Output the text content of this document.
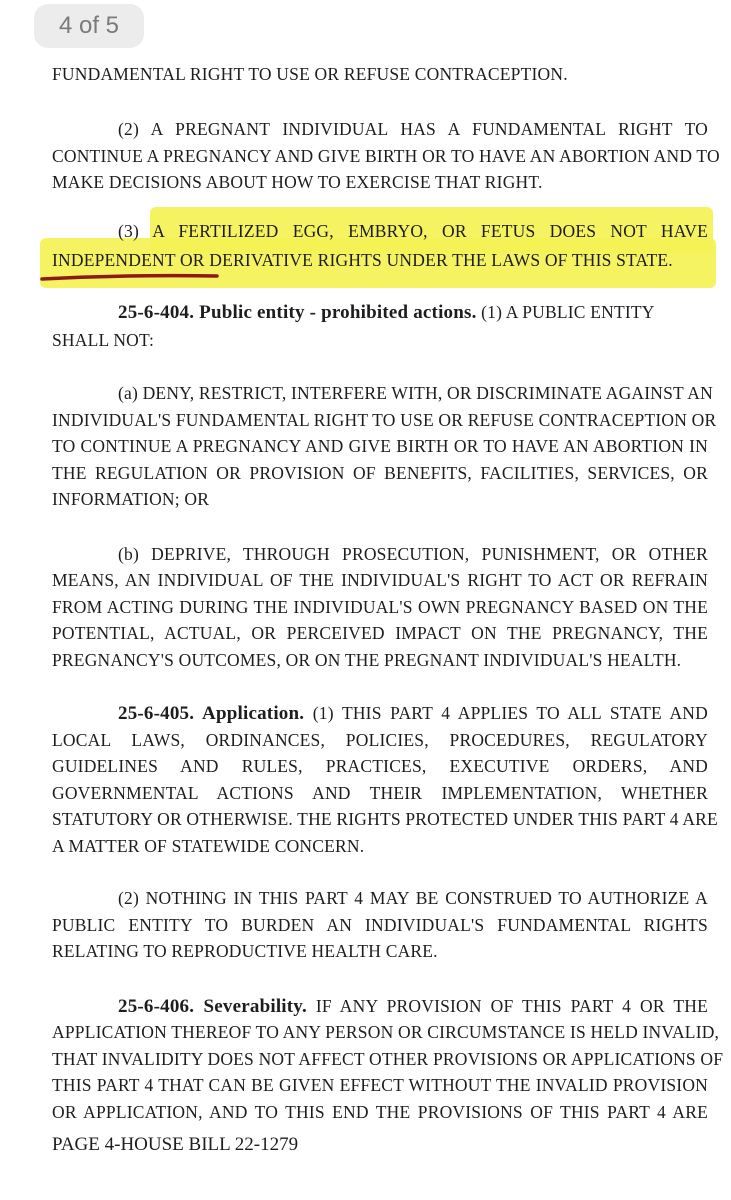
4 of 5
FUNDAMENTAL RIGHT TO USE OR REFUSE CONTRACEPTION.
(2) A PREGNANT INDIVIDUAL HAS A FUNDAMENTAL RIGHT TO
CONTINUE A PREGNANCY AND GIVE BIRTH OR TO HAVE AN ABORTION AND TO
MAKE DECISIONS ABOUT HOW TO EXERCISE THAT RIGHT.
(3) A FERTILIZED EGG, EMBRYO, OR FETUS DOES NOT HAVE
INDEPENDENT OR DERIVATIVE RIGHTS UNDER THE LAWS OF THIS STATE.
25-6-404. Public entity - prohibited actions. (1) A PUBLIC ENTITY
SHALL NOT:
(a) DENY, RESTRICT, INTERFERE WITH, OR DISCRIMINATE AGAINST AN
INDIVIDUAL'S FUNDAMENTAL RIGHT TO USE OR REFUSE CONTRACEPTION OR
TO CONTINUE A PREGNANCY AND GIVE BIRTH OR TO HAVE AN ABORTION IN
THE REGULATION OR PROVISION OF BENEFITS, FACILITIES, SERVICES, OR
INFORMATION; OR
(b) DEPRIVE, THROUGH PROSECUTION, PUNISHMENT, OR OTHER
MEANS, AN INDIVIDUAL OF THE INDIVIDUAL'S RIGHT TO ACT OR REFRAIN
FROM ACTING DURING THE INDIVIDUAL'S OWN PREGNANCY BASED ON THE
POTENTIAL, ACTUAL, OR PERCEIVED IMPACT ON THE PREGNANCY, THE
PREGNANCY'S OUTCOMES, OR ON THE PREGNANT INDIVIDUAL'S HEALTH.
25-6-405. Application. (1) THIS PART 4 APPLIES TO ALL STATE AND
LOCAL LAWS, ORDINANCES, POLICIES, PROCEDURES, REGULATORY
GUIDELINES AND RULES, PRACTICES, EXECUTIVE ORDERS, AND
GOVERNMENTAL ACTIONS AND THEIR IMPLEMENTATION, WHETHER
STATUTORY OR OTHERWISE. THE RIGHTS PROTECTED UNDER THIS PART 4 ARE
A MATTER OF STATEWIDE CONCERN.
(2) NOTHING IN THIS PART 4 MAY BE CONSTRUED TO AUTHORIZE A
PUBLIC ENTITY TO BURDEN AN INDIVIDUAL'S FUNDAMENTAL RIGHTS
RELATING TO REPRODUCTIVE HEALTH CARE.
25-6-406. Severability. IF ANY PROVISION OF THIS PART 4 OR THE
APPLICATION THEREOF TO ANY PERSON OR CIRCUMSTANCE IS HELD INVALID,
THAT INVALIDITY DOES NOT AFFECT OTHER PROVISIONS OR APPLICATIONS OF
THIS PART 4 THAT CAN BE GIVEN EFFECT WITHOUT THE INVALID PROVISION
OR APPLICATION, AND TO THIS END THE PROVISIONS OF THIS PART 4 ARE
PAGE 4-HOUSE BILL 22-1279
